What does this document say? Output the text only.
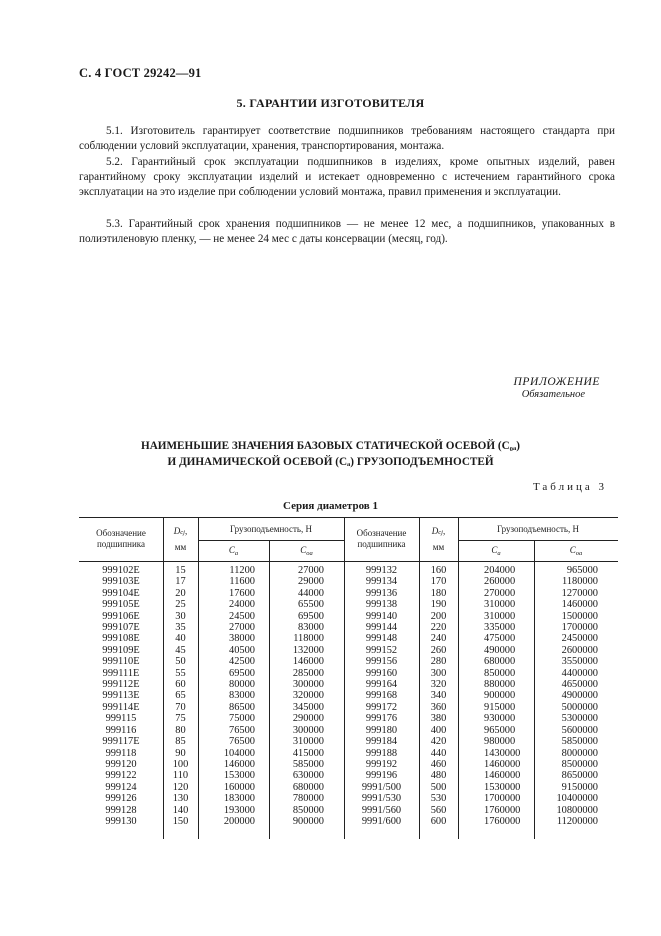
С. 4 ГОСТ 29242—91
5. ГАРАНТИИ ИЗГОТОВИТЕЛЯ

5.1. Изготовитель гарантирует соответствие подшипников требованиям настоящего стандарта при соблюдении условий эксплуатации, хранения, транспортирования, монтажа.

5.2. Гарантийный срок эксплуатации подшипников в изделиях, кроме опытных изделий, равен гарантийному сроку эксплуатации изделий и истекает одновременно с истечением гарантийного срока эксплуатации на это изделие при соблюдении условий монтажа, правил применения и эксплуатации.

5.3. Гарантийный срок хранения подшипников — не менее 12 мес, а подшипников, упакованных в полиэтиленовую пленку, — не менее 24 мес с даты консервации (месяц, год).

ПРИЛОЖЕНИЕ
Обязательное
НАИМЕНЬШИЕ ЗНАЧЕНИЯ БАЗОВЫХ СТАТИЧЕСКОЙ ОСЕВОЙ (C₀ₐ)
И ДИНАМИЧЕСКОЙ ОСЕВОЙ (Cₐ) ГРУЗОПОДЪЕМНОСТЕЙ
Таблица 3
Серия диаметров 1
Обозначение
подшипника
Dcj,
мм
Грузоподъемность, Н
$C_a$	$C_{oa}$
Обозначение
подшипника
Dcj,
мм
Грузоподъемность, Н
$C_a$	$C_{oa}$
999102E
999103E
999104E
999105E
999106E
999107E
999108E
999109E
999110E
999111E
999112E
999113E
999114E
999115
999116
999117E
999118
999120
999122
999124
999126
999128
999130
15
17
20
25
30
35
40
45
50
55
60
65
70
75
80
85
90
100
110
120
130
140
150
11200
11600
17600
24000
24500
27000
38000
40500
42500
69500
80000
83000
86500
75000
76500
76500
104000
146000
153000
160000
183000
193000
200000
27000
29000
44000
65500
69500
83000
118000
132000
146000
285000
300000
320000
345000
290000
300000
310000
415000
585000
630000
680000
780000
850000
900000
999132
999134
999136
999138
999140
999144
999148
999152
999156
999160
999164
999168
999172
999176
999180
999184
999188
999192
999196
9991/500
9991/530
9991/560
9991/600
160
170
180
190
200
220
240
260
280
300
320
340
360
380
400
420
440
460
480
500
530
560
600
204000
260000
270000
310000
310000
335000
475000
490000
680000
850000
880000
900000
915000
930000
965000
980000
1430000
1460000
1460000
1530000
1700000
1760000
1760000
965000
1180000
1270000
1460000
1500000
1700000
2450000
2600000
3550000
4400000
4650000
4900000
5000000
5300000
5600000
5850000
8000000
8500000
8650000
9150000
10400000
10800000
11200000
